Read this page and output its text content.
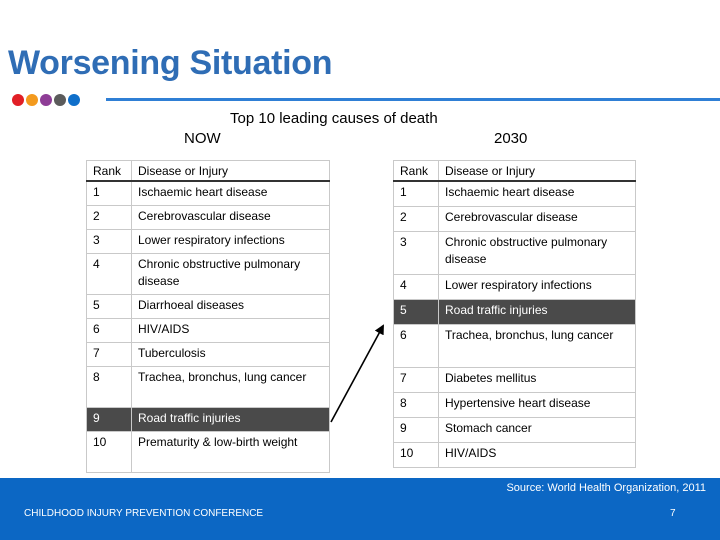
Worsening Situation
Top 10 leading causes of death
NOW	2030
Rank	Disease or Injury
1	Ischaemic heart disease
2	Cerebrovascular disease
3	Lower respiratory infections
4	Chronic obstructive pulmonary disease
5	Diarrhoeal diseases
6	HIV/AIDS
7	Tuberculosis
8	Trachea, bronchus, lung cancer
9	Road traffic injuries
10	Prematurity & low-birth weight
Rank	Disease or Injury
1	Ischaemic heart disease
2	Cerebrovascular disease
3	Chronic obstructive pulmonary disease
4	Lower respiratory infections
5	Road traffic injuries
6	Trachea, bronchus, lung cancer
7	Diabetes mellitus
8	Hypertensive heart disease
9	Stomach cancer
10	HIV/AIDS
Source: World Health Organization, 2011
CHILDHOOD INJURY PREVENTION CONFERENCE	7
